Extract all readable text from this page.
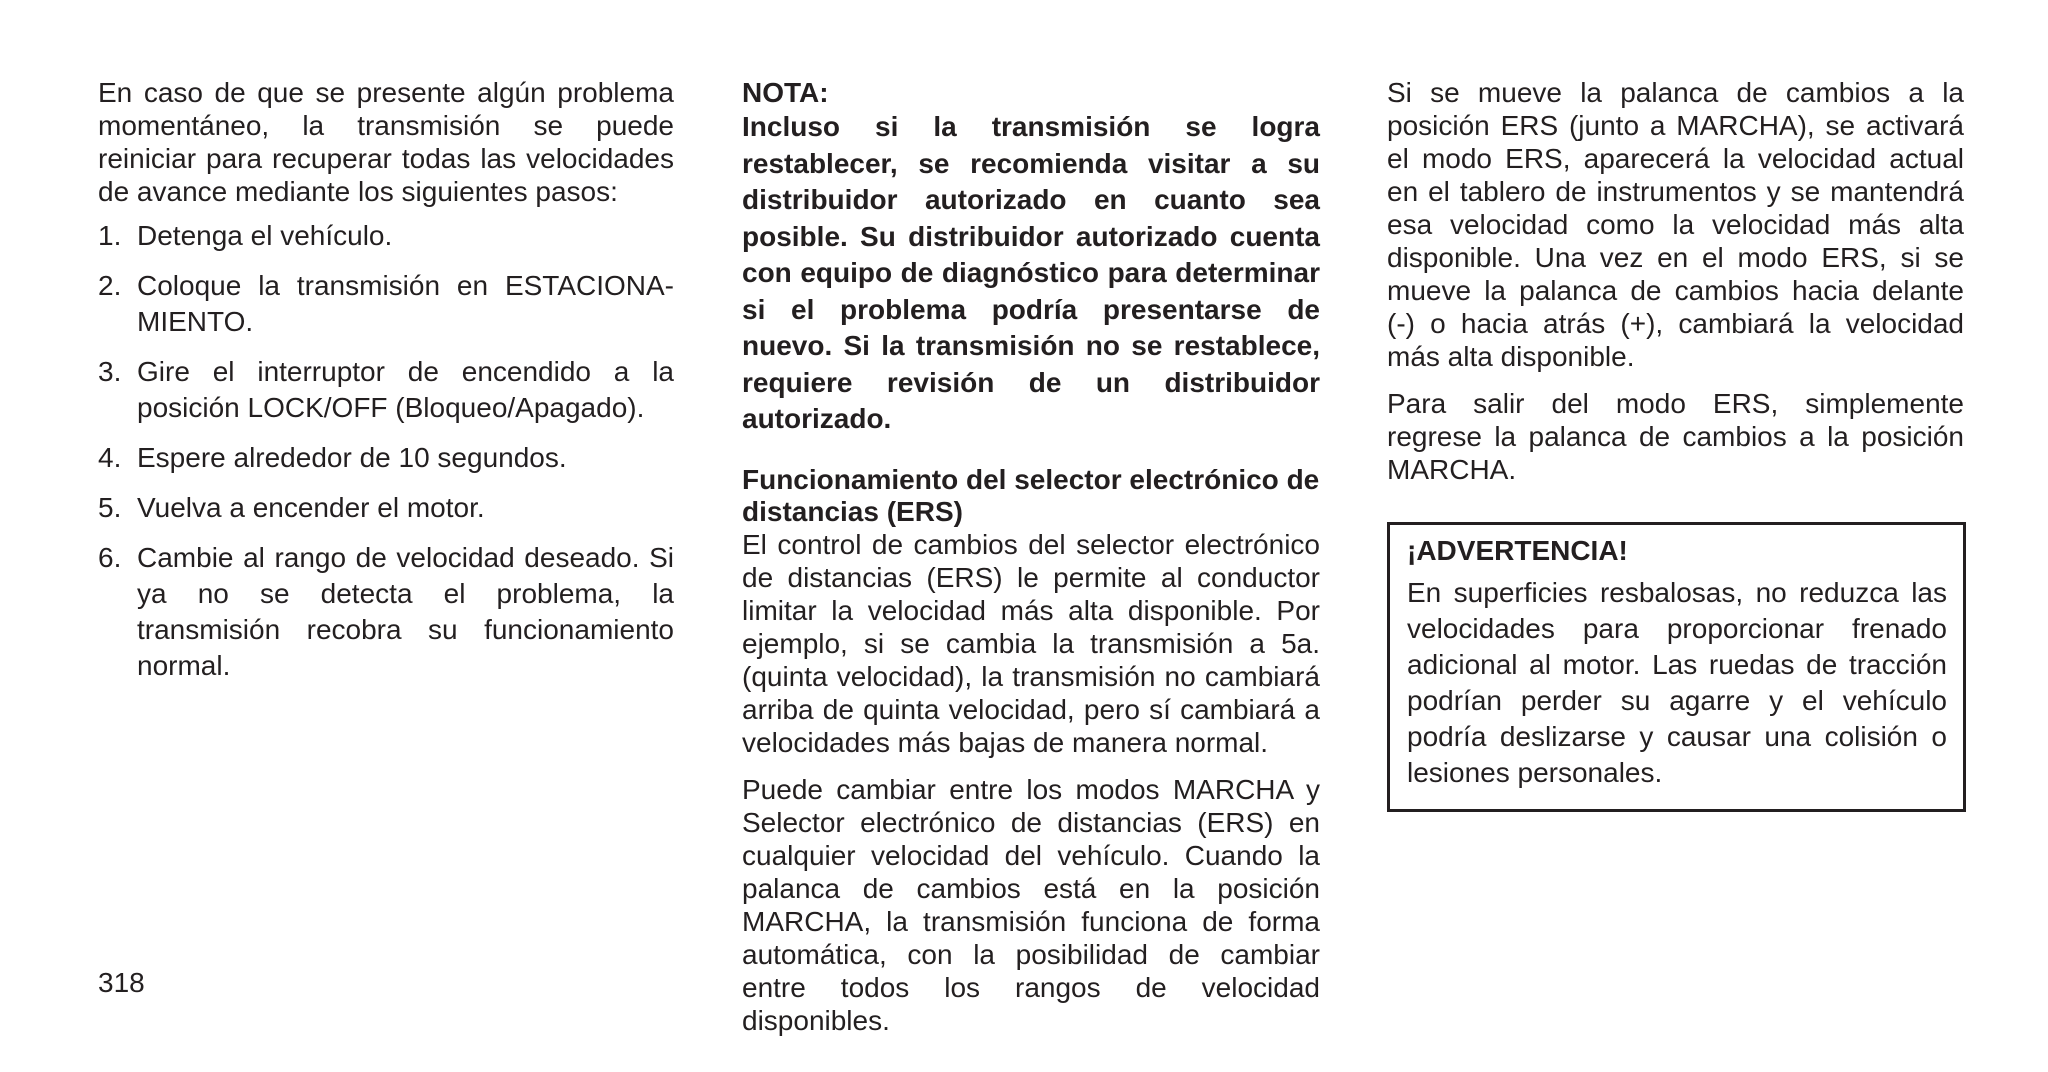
En caso de que se presente algún problema momentáneo, la transmisión se puede reiniciar para recuperar todas las velocidades de avance mediante los siguientes pasos:

1. Detenga el vehículo.
2. Coloque la transmisión en ESTACIONA-MIENTO.
3. Gire el interruptor de encendido a la posición LOCK/OFF (Bloqueo/Apagado).
4. Espere alrededor de 10 segundos.
5. Vuelva a encender el motor.
6. Cambie al rango de velocidad deseado. Si ya no se detecta el problema, la transmisión recobra su funcionamiento normal.

NOTA:

Incluso si la transmisión se logra restablecer, se recomienda visitar a su distribuidor autorizado en cuanto sea posible. Su distribuidor autorizado cuenta con equipo de diagnóstico para determinar si el problema podría presentarse de nuevo. Si la transmisión no se restablece, requiere revisión de un distribuidor autorizado.

Funcionamiento del selector electrónico de distancias (ERS)

El control de cambios del selector electrónico de distancias (ERS) le permite al conductor limitar la velocidad más alta disponible. Por ejemplo, si se cambia la transmisión a 5a. (quinta velocidad), la transmisión no cambiará arriba de quinta velocidad, pero sí cambiará a velocidades más bajas de manera normal.

Puede cambiar entre los modos MARCHA y Selector electrónico de distancias (ERS) en cualquier velocidad del vehículo. Cuando la palanca de cambios está en la posición MARCHA, la transmisión funciona de forma automática, con la posibilidad de cambiar entre todos los rangos de velocidad disponibles.

Si se mueve la palanca de cambios a la posición ERS (junto a MARCHA), se activará el modo ERS, aparecerá la velocidad actual en el tablero de instrumentos y se mantendrá esa velocidad como la velocidad más alta disponible. Una vez en el modo ERS, si se mueve la palanca de cambios hacia delante (-) o hacia atrás (+), cambiará la velocidad más alta disponible.

Para salir del modo ERS, simplemente regrese la palanca de cambios a la posición MARCHA.

¡ADVERTENCIA!

En superficies resbalosas, no reduzca las velocidades para proporcionar frenado adicional al motor. Las ruedas de tracción podrían perder su agarre y el vehículo podría deslizarse y causar una colisión o lesiones personales.

318
